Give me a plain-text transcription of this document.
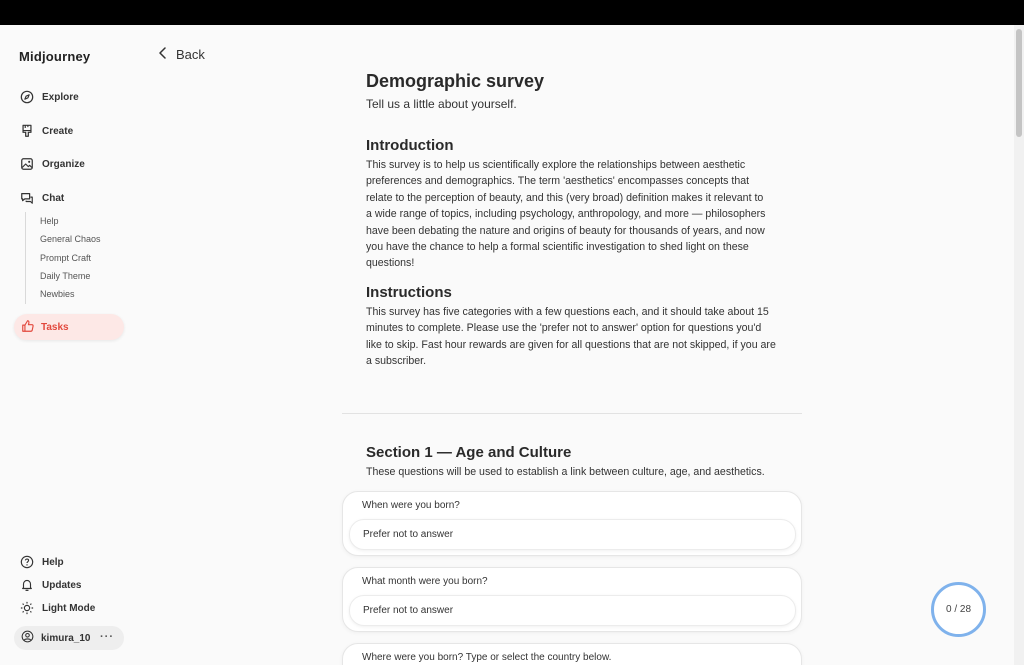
Midjourney
Explore
Create
Organize
Chat
Help
General Chaos
Prompt Craft
Daily Theme
Newbies
Tasks
Help
Updates
Light Mode
kimura_10 ···
Back
Demographic survey
Tell us a little about yourself.
Introduction
This survey is to help us scientifically explore the relationships between aesthetic
preferences and demographics. The term 'aesthetics' encompasses concepts that
relate to the perception of beauty, and this (very broad) definition makes it relevant to
a wide range of topics, including psychology, anthropology, and more — philosophers
have been debating the nature and origins of beauty for thousands of years, and now
you have the chance to help a formal scientific investigation to shed light on these
questions!
Instructions
This survey has five categories with a few questions each, and it should take about 15
minutes to complete. Please use the 'prefer not to answer' option for questions you'd
like to skip. Fast hour rewards are given for all questions that are not skipped, if you are
a subscriber.
Section 1 — Age and Culture
These questions will be used to establish a link between culture, age, and aesthetics.
When were you born?
Prefer not to answer
What month were you born?
Prefer not to answer
Where were you born? Type or select the country below.
0 / 28
